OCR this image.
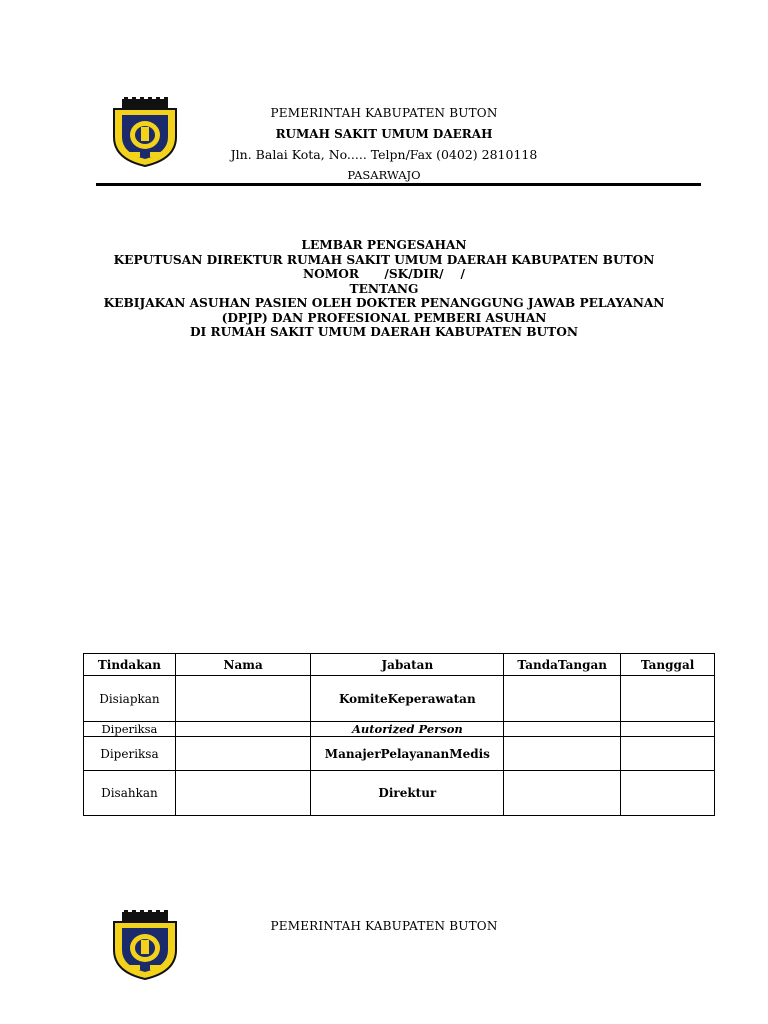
PEMERINTAH KABUPATEN BUTON
RUMAH SAKIT UMUM DAERAH
Jln. Balai Kota, No..... Telpn/Fax (0402) 2810118
PASARWAJO
LEMBAR PENGESAHAN
KEPUTUSAN DIREKTUR RUMAH SAKIT UMUM DAERAH KABUPATEN BUTON
NOMOR      /SK/DIR/    /
TENTANG
KEBIJAKAN ASUHAN PASIEN OLEH DOKTER PENANGGUNG JAWAB PELAYANAN
(DPJP) DAN PROFESIONAL PEMBERI ASUHAN
DI RUMAH SAKIT UMUM DAERAH KABUPATEN BUTON
Tindakan	Nama	Jabatan	TandaTangan	Tanggal
Disiapkan		KomiteKeperawatan		
Diperiksa		Autorized Person		
Diperiksa		ManajerPelayananMedis		
Disahkan		Direktur		
PEMERINTAH KABUPATEN BUTON
